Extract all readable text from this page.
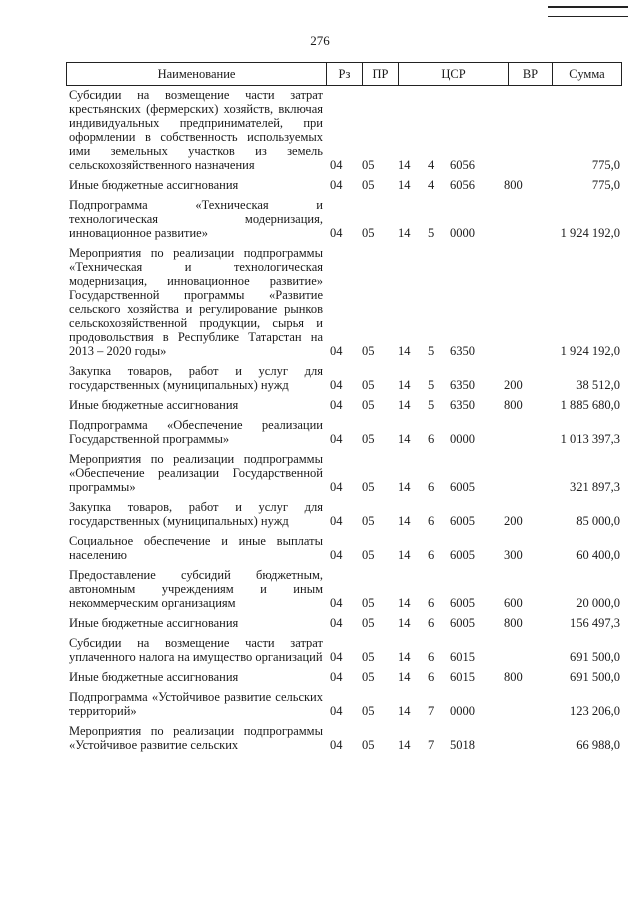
276
Наименование	Рз	ПР	ЦСР	ВР	Сумма
Субсидии на возмещение части затрат крестьянских (фермерских) хозяйств, включая индивидуальных предпринимателей, при оформлении в собственность используемых ими земельных участков из земель сельскохозяйственного назначения	04	05	14	4	6056	775,0
Иные бюджетные ассигнования	04	05	14	4	6056	800	775,0
Подпрограмма «Техническая и технологическая модернизация, инновационное развитие»	04	05	14	5	0000	1 924 192,0
Мероприятия по реализации подпрограммы «Техническая и технологическая модернизация, инновационное развитие» Государственной программы «Развитие сельского хозяйства и регулирование рынков сельскохозяйственной продукции, сырья и продовольствия в Республике Татарстан на 2013 – 2020 годы»	04	05	14	5	6350	1 924 192,0
Закупка товаров, работ и услуг для государственных (муниципальных) нужд	04	05	14	5	6350	200	38 512,0
Иные бюджетные ассигнования	04	05	14	5	6350	800	1 885 680,0
Подпрограмма «Обеспечение реализации Государственной программы»	04	05	14	6	0000	1 013 397,3
Мероприятия по реализации подпрограммы «Обеспечение реализации Государственной программы»	04	05	14	6	6005	321 897,3
Закупка товаров, работ и услуг для государственных (муниципальных) нужд	04	05	14	6	6005	200	85 000,0
Социальное обеспечение и иные выплаты населению	04	05	14	6	6005	300	60 400,0
Предоставление субсидий бюджетным, автономным учреждениям и иным некоммерческим организациям	04	05	14	6	6005	600	20 000,0
Иные бюджетные ассигнования	04	05	14	6	6005	800	156 497,3
Субсидии на возмещение части затрат уплаченного налога на имущество организаций 04	05	14	6	6015	691 500,0
Иные бюджетные ассигнования	04	05	14	6	6015	800	691 500,0
Подпрограмма «Устойчивое развитие сельских территорий»	04	05	14	7	0000	123 206,0
Мероприятия по реализации подпрограммы «Устойчивое развитие сельских	04	05	14	7	5018	66 988,0
